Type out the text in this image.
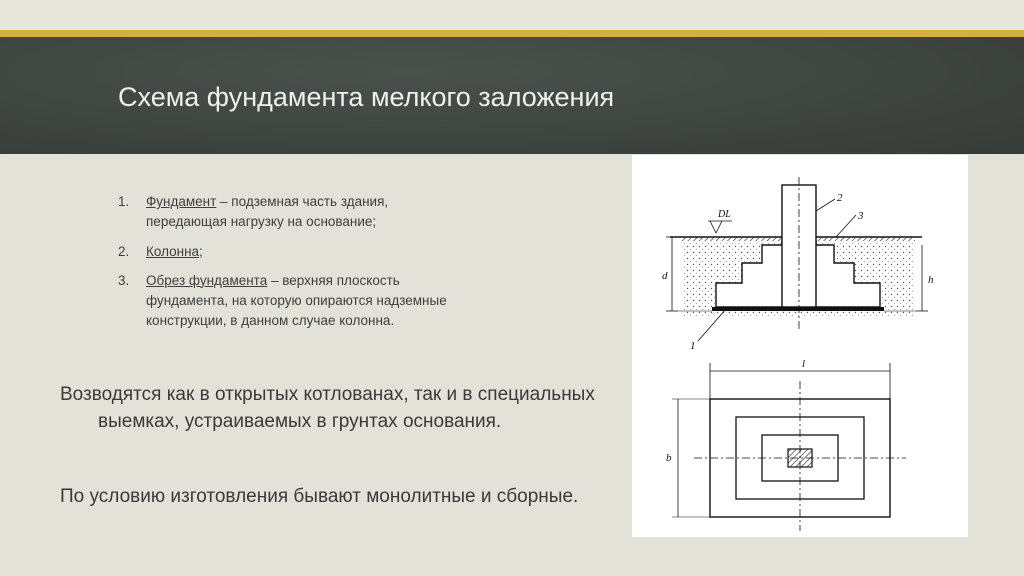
Схема фундамента мелкого заложения
1. Фундамент – подземная часть здания, передающая нагрузку на основание;
2. Колонна;
3. Обрез фундамента – верхняя плоскость фундамента, на которую опираются надземные конструкции, в данном случае колонна.

Возводятся как в открытых котлованах, так и в специальных выемках, устраиваемых в грунтах основания.

По условию изготовления бывают монолитные и сборные.

DL
2
3
1
d	h
l
b
